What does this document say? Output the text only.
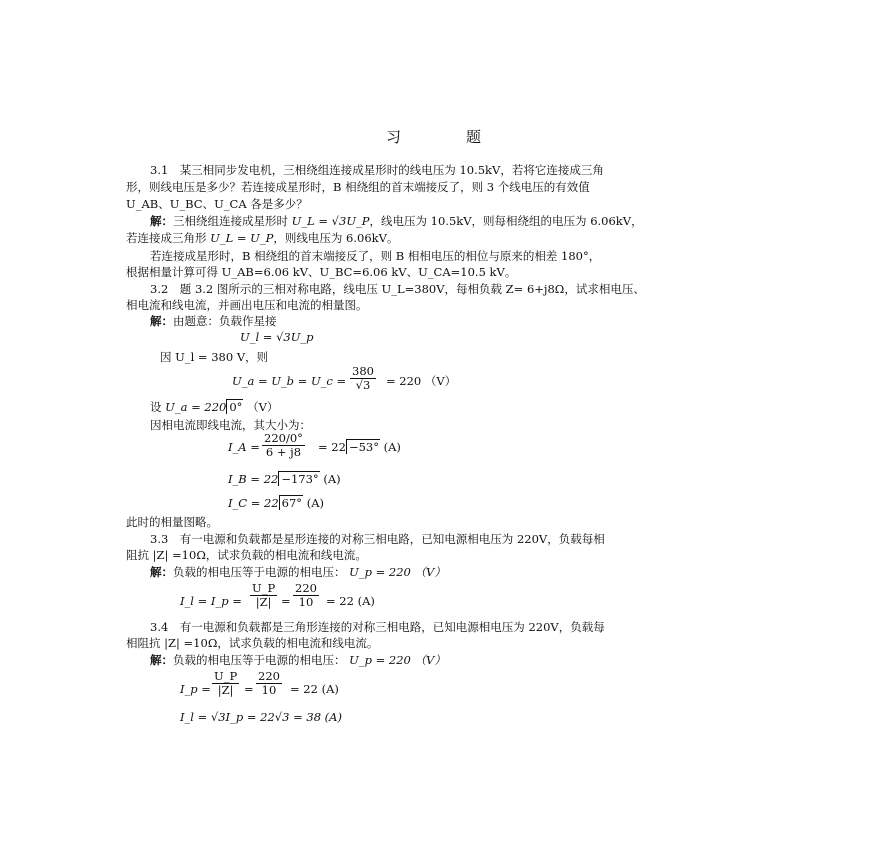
习	题
3.1　某三相同步发电机，三相绕组连接成星形时的线电压为 10.5kV，若将它连接成三角
形，则线电压是多少？若连接成星形时，B 相绕组的首末端接反了，则 3 个线电压的有效值
U_AB、U_BC、U_CA 各是多少？
解：三相绕组连接成星形时 U_L = √3U_P，线电压为 10.5kV，则每相绕组的电压为 6.06kV，
若连接成三角形 U_L = U_P，则线电压为 6.06kV。
若连接成星形时，B 相绕组的首末端接反了，则 B 相相电压的相位与原来的相差 180°，
根据相量计算可得 U_AB=6.06 kV、U_BC=6.06 kV、U_CA=10.5 kV。
3.2　题 3.2 图所示的三相对称电路，线电压 U_L=380V，每相负载 Z= 6+j8Ω，试求相电压、
相电流和线电流，并画出电压和电流的相量图。
解：由题意：负载作星接
U_l = √3U_p
因 U_l = 380 V，则
U_a = U_b = U_c = $\frac{380}{√3} = 220$ （V）
设 U_a = 220 0° （V）
因相电流即线电流，其大小为：
I_A = $\frac{220/0^\circ}{6 + j8} = 22 -53^\circ$ (A)
I_B = 22 −173° (A)
I_C = 22 67° (A)
此时的相量图略。
3.3　有一电源和负载都是星形连接的对称三相电路，已知电源相电压为 220V，负载每相
阻抗 |Z| =10Ω，试求负载的相电流和线电流。
解：负载的相电压等于电源的相电压： U_p = 220 （V）
I_l = I_p = $\frac{U\_P}{|Z|} = \frac{220}{10} = 22$ (A)
3.4　有一电源和负载都是三角形连接的对称三相电路，已知电源相电压为 220V，负载每
相阻抗 |Z| =10Ω，试求负载的相电流和线电流。
解：负载的相电压等于电源的相电压： U_p = 220 （V）
I_p = $\frac{U\_P}{|Z|} = \frac{220}{10} = 22$ (A)
I_l = √3I_p = 22√3 = 38 (A)
